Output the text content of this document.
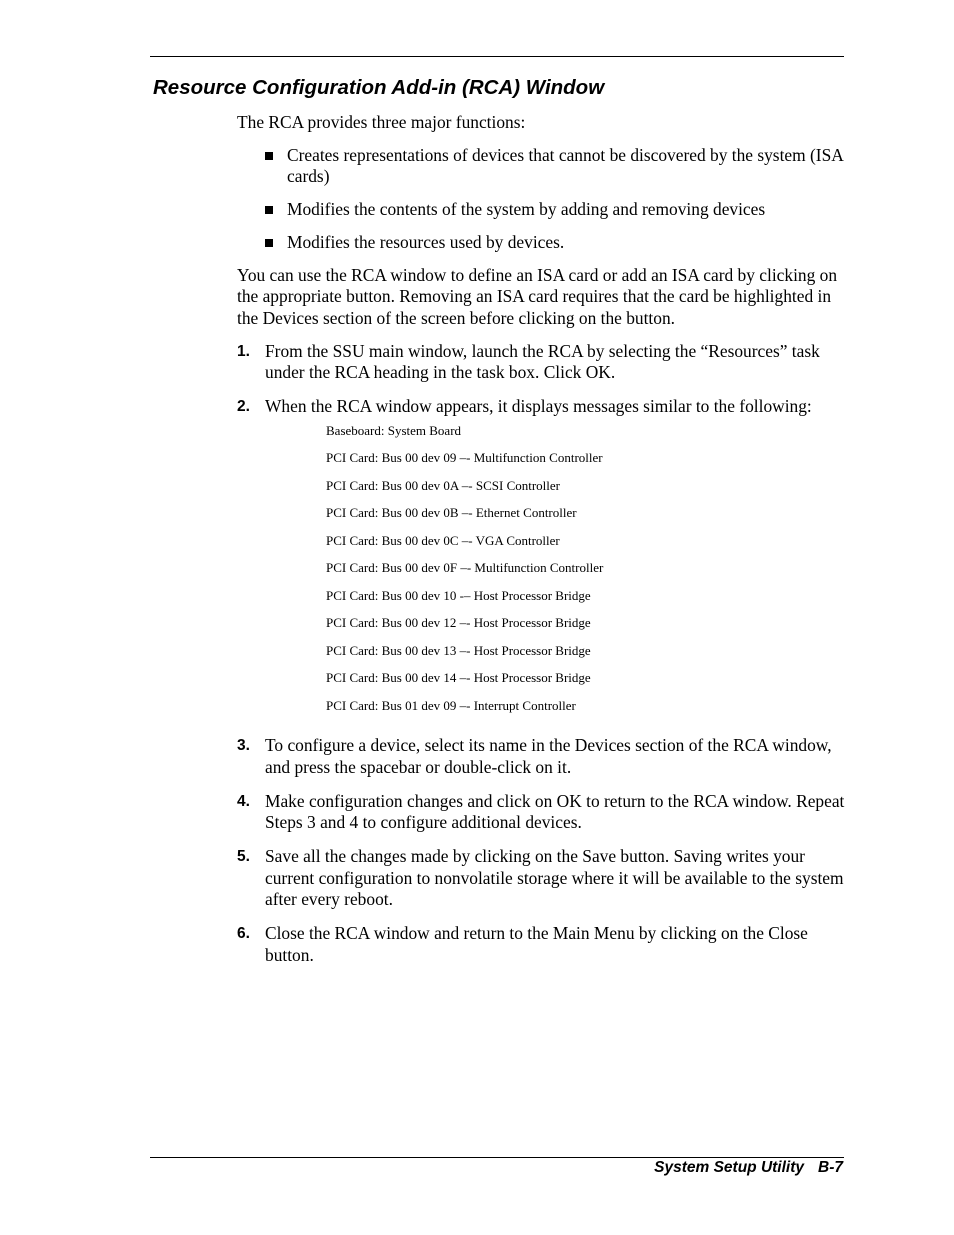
Resource Configuration Add-in (RCA) Window

The RCA provides three major functions:

Creates representations of devices that cannot be discovered by the system (ISA cards)
Modifies the contents of the system by adding and removing devices
Modifies the resources used by devices.

You can use the RCA window to define an ISA card or add an ISA card by clicking on the appropriate button. Removing an ISA card requires that the card be highlighted in the Devices section of the screen before clicking on the button.

1. From the SSU main window, launch the RCA by selecting the “Resources” task under the RCA heading in the task box. Click OK.
2. When the RCA window appears, it displays messages similar to the following:
Baseboard: System Board
PCI Card: Bus 00 dev 09 –- Multifunction Controller
PCI Card: Bus 00 dev 0A –- SCSI Controller
PCI Card: Bus 00 dev 0B –- Ethernet Controller
PCI Card: Bus 00 dev 0C –- VGA Controller
PCI Card: Bus 00 dev 0F –- Multifunction Controller
PCI Card: Bus 00 dev 10 -– Host Processor Bridge
PCI Card: Bus 00 dev 12 –- Host Processor Bridge
PCI Card: Bus 00 dev 13 –- Host Processor Bridge
PCI Card: Bus 00 dev 14 –- Host Processor Bridge
PCI Card: Bus 01 dev 09 –- Interrupt Controller
3. To configure a device, select its name in the Devices section of the RCA window, and press the spacebar or double-click on it.
4. Make configuration changes and click on OK to return to the RCA window. Repeat Steps 3 and 4 to configure additional devices.
5. Save all the changes made by clicking on the Save button. Saving writes your current configuration to nonvolatile storage where it will be available to the system after every reboot.
6. Close the RCA window and return to the Main Menu by clicking on the Close button.
System Setup Utility B-7
